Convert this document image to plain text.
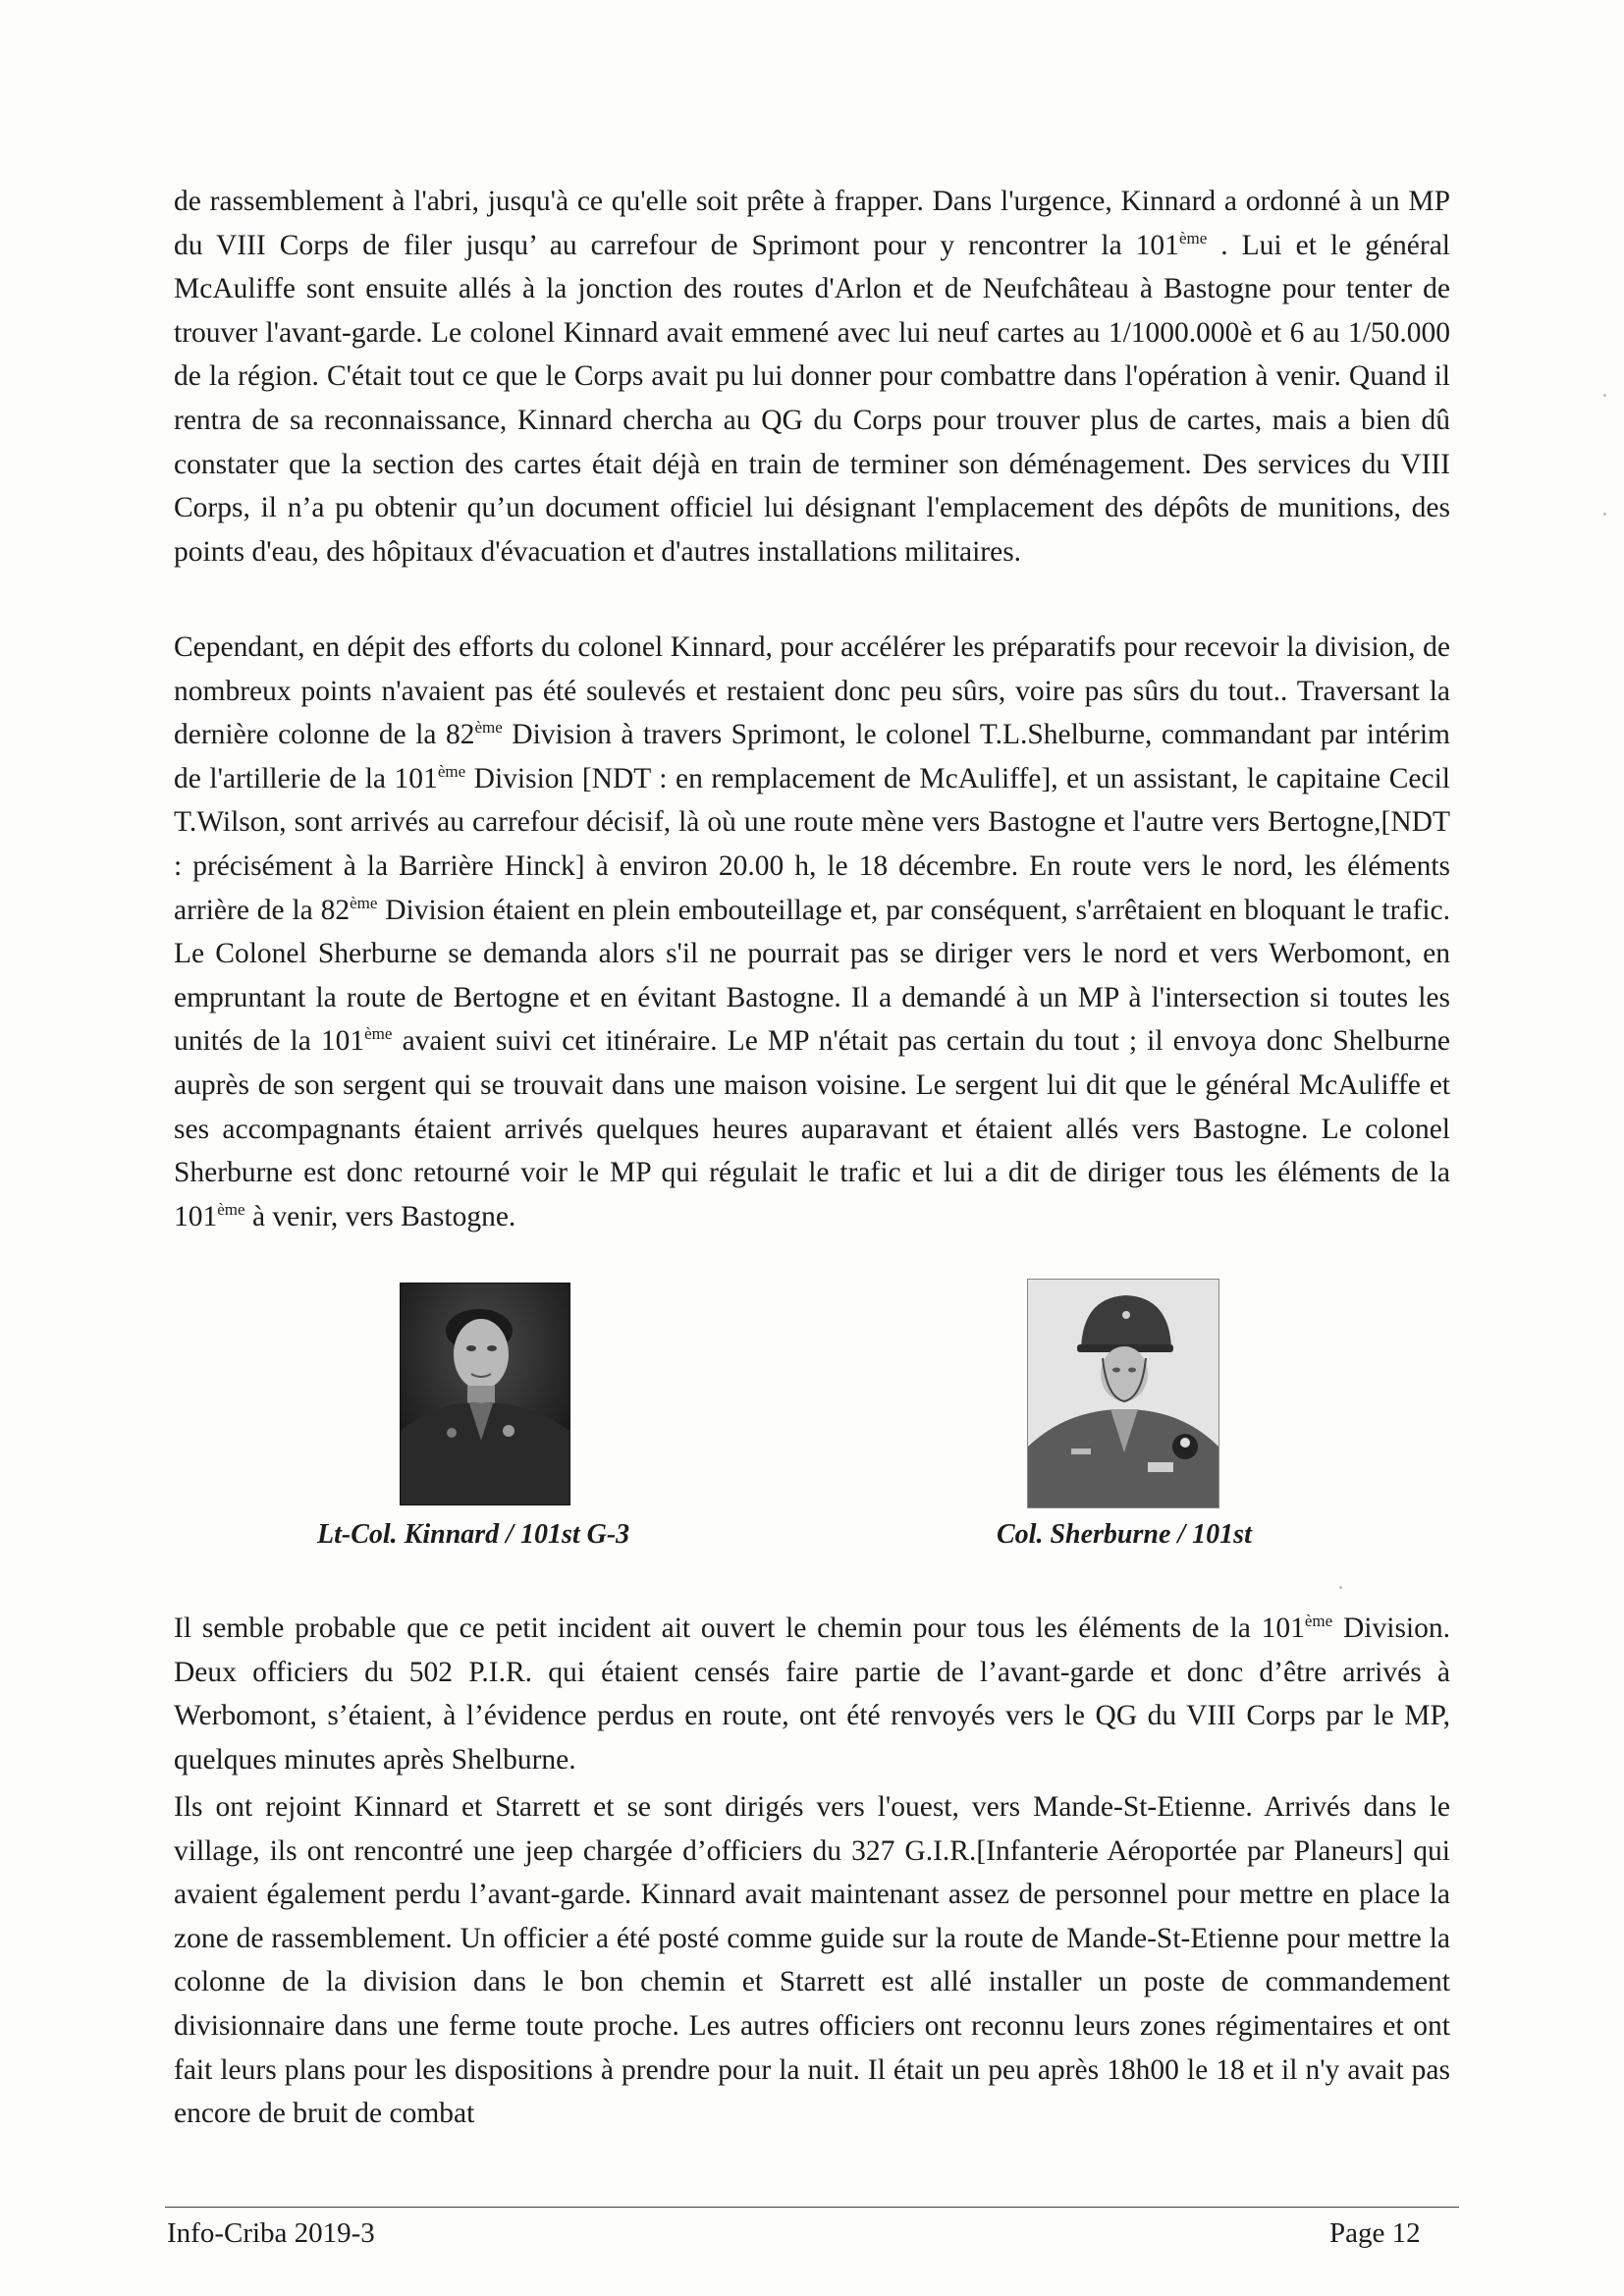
de rassemblement à l'abri, jusqu'à ce qu'elle soit prête à frapper. Dans l'urgence, Kinnard a ordonné à un MP du VIII Corps de filer jusqu’ au carrefour de Sprimont pour y rencontrer la 101ème . Lui et le général McAuliffe sont ensuite allés à la jonction des routes d'Arlon et de Neufchâteau à Bastogne pour tenter de trouver l'avant-garde. Le colonel Kinnard avait emmené avec lui neuf cartes au 1/1000.000è et 6 au 1/50.000 de la région. C'était tout ce que le Corps avait pu lui donner pour combattre dans l'opération à venir. Quand il rentra de sa reconnaissance, Kinnard chercha au QG du Corps pour trouver plus de cartes, mais a bien dû constater que la section des cartes était déjà en train de terminer son déménagement. Des services du VIII Corps, il n’a pu obtenir qu’un document officiel lui désignant l'emplacement des dépôts de munitions, des points d'eau, des hôpitaux d'évacuation et d'autres installations militaires.

Cependant, en dépit des efforts du colonel Kinnard, pour accélérer les préparatifs pour recevoir la division, de nombreux points n'avaient pas été soulevés et restaient donc peu sûrs, voire pas sûrs du tout.. Traversant la dernière colonne de la 82ème Division à travers Sprimont, le colonel T.L.Shelburne, commandant par intérim de l'artillerie de la 101ème Division [NDT : en remplacement de McAuliffe], et un assistant, le capitaine Cecil T.Wilson, sont arrivés au carrefour décisif, là où une route mène vers Bastogne et l'autre vers Bertogne,[NDT : précisément à la Barrière Hinck] à environ 20.00 h, le 18 décembre. En route vers le nord, les éléments arrière de la 82ème Division étaient en plein embouteillage et, par conséquent, s'arrêtaient en bloquant le trafic. Le Colonel Sherburne se demanda alors s'il ne pourrait pas se diriger vers le nord et vers Werbomont, en empruntant la route de Bertogne et en évitant Bastogne. Il a demandé à un MP à l'intersection si toutes les unités de la 101ème avaient suivi cet itinéraire. Le MP n'était pas certain du tout ; il envoya donc Shelburne auprès de son sergent qui se trouvait dans une maison voisine. Le sergent lui dit que le général McAuliffe et ses accompagnants étaient arrivés quelques heures auparavant et étaient allés vers Bastogne. Le colonel Sherburne est donc retourné voir le MP qui régulait le trafic et lui a dit de diriger tous les éléments de la 101ème à venir, vers Bastogne.

Lt-Col. Kinnard / 101st G-3	Col. Sherburne / 101st

Il semble probable que ce petit incident ait ouvert le chemin pour tous les éléments de la 101ème Division. Deux officiers du 502 P.I.R. qui étaient censés faire partie de l’avant-garde et donc d’être arrivés à Werbomont, s’étaient, à l’évidence perdus en route, ont été renvoyés vers le QG du VIII Corps par le MP, quelques minutes après Shelburne.

Ils ont rejoint Kinnard et Starrett et se sont dirigés vers l'ouest, vers Mande-St-Etienne. Arrivés dans le village, ils ont rencontré une jeep chargée d’officiers du 327 G.I.R.[Infanterie Aéroportée par Planeurs] qui avaient également perdu l’avant-garde. Kinnard avait maintenant assez de personnel pour mettre en place la zone de rassemblement. Un officier a été posté comme guide sur la route de Mande-St-Etienne pour mettre la colonne de la division dans le bon chemin et Starrett est allé installer un poste de commandement divisionnaire dans une ferme toute proche. Les autres officiers ont reconnu leurs zones régimentaires et ont fait leurs plans pour les dispositions à prendre pour la nuit. Il était un peu après 18h00 le 18 et il n'y avait pas encore de bruit de combat

Info-Criba 2019-3	Page 12
